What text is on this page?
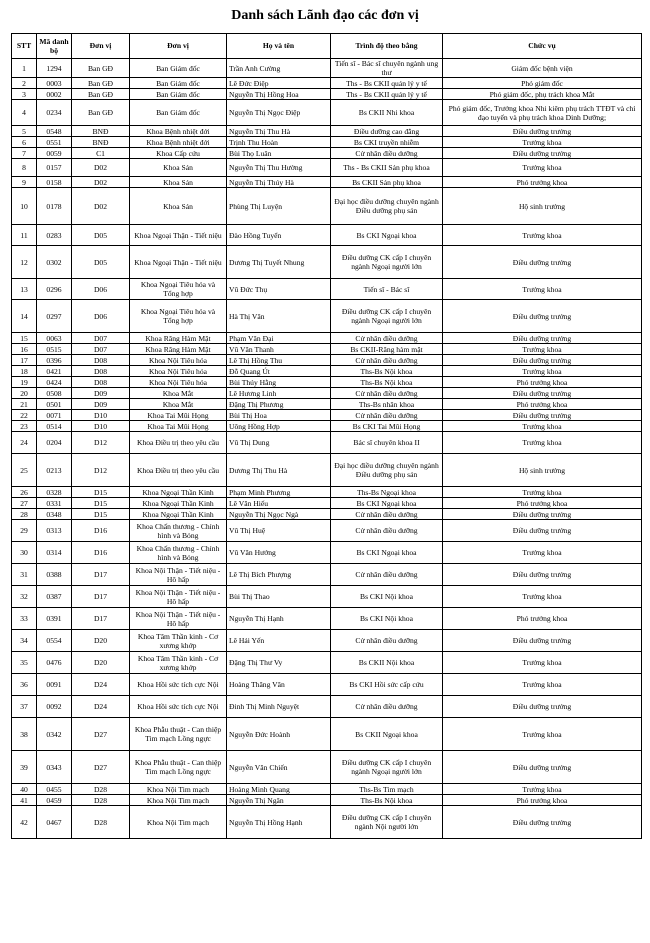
Danh sách Lãnh đạo các đơn vị
STT	Mã danh bộ	Đơn vị	Đơn vị	Họ và tên	Trình độ theo bằng	Chức vụ
1	1294	Ban GĐ	Ban Giám đốc	Trần Anh Cường	Tiến sĩ - Bác sĩ chuyên ngành ung thư	Giám đốc bệnh viện
2	0003	Ban GĐ	Ban Giám đốc	Lê Đức Điệp	Ths - Bs CKII quản lý y tế	Phó giám đốc
3	0002	Ban GĐ	Ban Giám đốc	Nguyễn Thị Hồng Hoa	Ths - Bs CKII quản lý y tế	Phó giám đốc, phụ trách khoa Mắt
4	0234	Ban GĐ	Ban Giám đốc	Nguyễn Thị Ngọc Điệp	Bs CKII Nhi khoa	Phó giám đốc, Trưởng khoa Nhi kiêm phụ trách TTĐT và chỉ đạo tuyến và phụ trách khoa Dinh Dưỡng;
5	0548	BNĐ	Khoa Bệnh nhiệt đới	Nguyễn Thị Thu Hà	Điều dưỡng cao đẳng	Điều dưỡng trưởng
6	0551	BNĐ	Khoa Bệnh nhiệt đới	Trịnh Thu Hoàn	Bs CKI truyền nhiễm	Trưởng khoa
7	0059	C1	Khoa Cấp cứu	Bùi Thọ Luân	Cử nhân điều dưỡng	Điều dưỡng trưởng
8	0157	D02	Khoa Sản	Nguyễn Thị Thu Hường	Ths - Bs CKII Sản phụ khoa	Trưởng khoa
9	0158	D02	Khoa Sản	Nguyễn Thị Thúy Hà	Bs CKII Sản phụ khoa	Phó trưởng khoa
10	0178	D02	Khoa Sản	Phùng Thị Luyện	Đại học điều dưỡng chuyên ngành Điều dưỡng phụ sản	Hộ sinh trưởng
11	0283	D05	Khoa Ngoại Thận - Tiết niệu	Đào Hồng Tuyển	Bs CKI Ngoại khoa	Trưởng khoa
12	0302	D05	Khoa Ngoại Thận - Tiết niệu	Dương Thị Tuyết Nhung	Điều dưỡng CK cấp I chuyên ngành Ngoại người lớn	Điều dưỡng trưởng
13	0296	D06	Khoa Ngoại Tiêu hóa và Tổng hợp	Vũ Đức Thụ	Tiến sĩ - Bác sĩ	Trưởng khoa
14	0297	D06	Khoa Ngoại Tiêu hóa và Tổng hợp	Hà Thị Vân	Điều dưỡng CK cấp I chuyên ngành Ngoại người lớn	Điều dưỡng trưởng
15	0063	D07	Khoa Răng Hàm Mặt	Phạm Văn Đại	Cử nhân điều dưỡng	Điều dưỡng trưởng
16	0515	D07	Khoa Răng Hàm Mặt	Vũ Văn Thanh	Bs CKII-Răng hàm mặt	Trưởng khoa
17	0396	D08	Khoa Nội Tiêu hóa	Lê Thị Hồng Thu	Cử nhân điều dưỡng	Điều dưỡng trưởng
18	0421	D08	Khoa Nội Tiêu hóa	Đỗ Quang Út	Ths-Bs Nội khoa	Trưởng khoa
19	0424	D08	Khoa Nội Tiêu hóa	Bùi Thúy Hằng	Ths-Bs Nội khoa	Phó trưởng khoa
20	0508	D09	Khoa Mắt	Lê Hương Linh	Cử nhân điều dưỡng	Điều dưỡng trưởng
21	0501	D09	Khoa Mắt	Đặng Thị Phương	Ths-Bs nhãn khoa	Phó trưởng khoa
22	0071	D10	Khoa Tai Mũi Họng	Bùi Thị Hoa	Cử nhân điều dưỡng	Điều dưỡng trưởng
23	0514	D10	Khoa Tai Mũi Họng	Uông Hồng Hợp	Bs CKI Tai Mũi Họng	Trưởng khoa
24	0204	D12	Khoa Điều trị theo yêu cầu	Vũ Thị Dung	Bác sĩ chuyên khoa II	Trưởng khoa
25	0213	D12	Khoa Điều trị theo yêu cầu	Dương Thị Thu Hà	Đại học điều dưỡng chuyên ngành Điều dưỡng phụ sản	Hộ sinh trưởng
26	0328	D15	Khoa Ngoại Thần Kinh	Phạm Minh Phương	Ths-Bs Ngoại khoa	Trưởng khoa
27	0331	D15	Khoa Ngoại Thần Kinh	Lê Văn Hiếu	Bs CKI Ngoại khoa	Phó trưởng khoa
28	0348	D15	Khoa Ngoại Thần Kinh	Nguyễn Thị Ngọc Ngà	Cử nhân điều dưỡng	Điều dưỡng trưởng
29	0313	D16	Khoa Chấn thương - Chỉnh hình và Bỏng	Vũ Thị Huệ	Cử nhân điều dưỡng	Điều dưỡng trưởng
30	0314	D16	Khoa Chấn thương - Chỉnh hình và Bỏng	Vũ Văn Hướng	Bs CKI Ngoại khoa	Trưởng khoa
31	0388	D17	Khoa Nội Thận - Tiết niệu - Hô hấp	Lê Thị Bích Phượng	Cử nhân điều dưỡng	Điều dưỡng trưởng
32	0387	D17	Khoa Nội Thận - Tiết niệu - Hô hấp	Bùi Thị Thao	Bs CKI Nội khoa	Trưởng khoa
33	0391	D17	Khoa Nội Thận - Tiết niệu - Hô hấp	Nguyễn Thị Hạnh	Bs CKI Nội khoa	Phó trưởng khoa
34	0554	D20	Khoa Tâm Thần kinh - Cơ xương khớp	Lê Hải Yến	Cử nhân điều dưỡng	Điều dưỡng trưởng
35	0476	D20	Khoa Tâm Thần kinh - Cơ xương khớp	Đặng Thị Thư Vy	Bs CKII Nội khoa	Trưởng khoa
36	0091	D24	Khoa Hồi sức tích cực Nội	Hoàng Thăng Văn	Bs CKI Hồi sức cấp cứu	Trưởng khoa
37	0092	D24	Khoa Hồi sức tích cực Nội	Đinh Thị Minh Nguyệt	Cử nhân điều dưỡng	Điều dưỡng trưởng
38	0342	D27	Khoa Phẫu thuật - Can thiệp Tim mạch Lồng ngực	Nguyễn Đức Hoành	Bs CKII Ngoại khoa	Trưởng khoa
39	0343	D27	Khoa Phẫu thuật - Can thiệp Tim mạch Lồng ngực	Nguyễn Văn Chiến	Điều dưỡng CK cấp I chuyên ngành Ngoại người lớn	Điều dưỡng trưởng
40	0455	D28	Khoa Nội Tim mạch	Hoàng Minh Quang	Ths-Bs Tim mạch	Trưởng khoa
41	0459	D28	Khoa Nội Tim mạch	Nguyễn Thị Ngân	Ths-Bs Nội khoa	Phó trưởng khoa
42	0467	D28	Khoa Nội Tim mạch	Nguyễn Thị Hồng Hạnh	Điều dưỡng CK cấp I chuyên ngành Nội người lớn	Điều dưỡng trưởng
